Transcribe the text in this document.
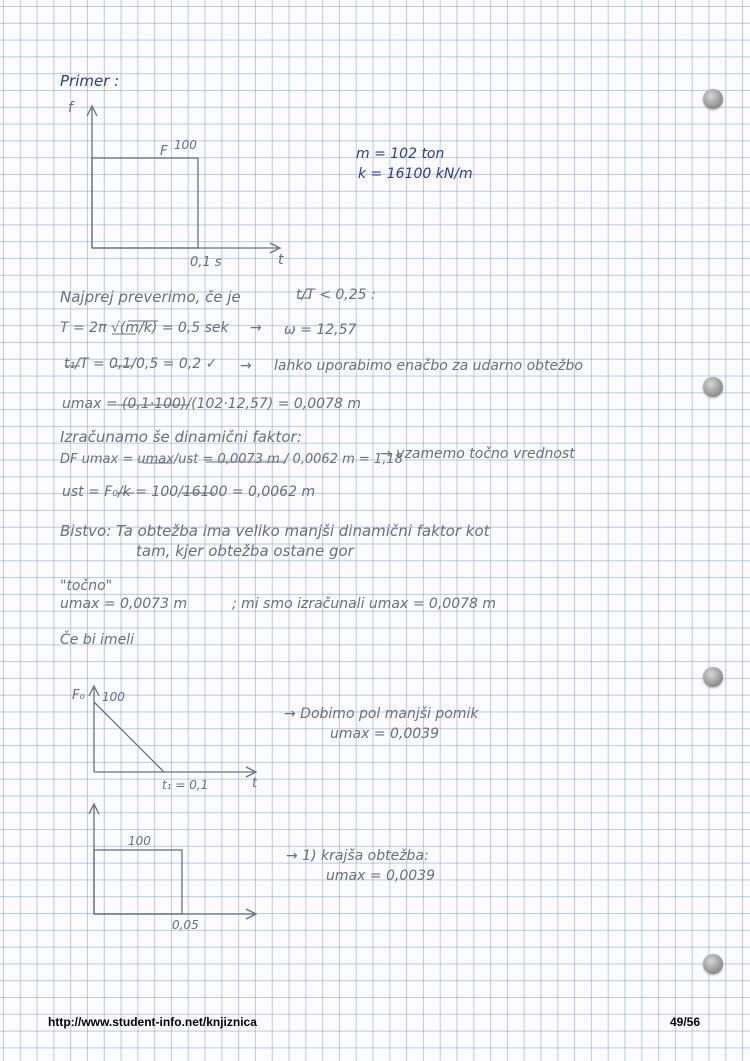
Primer :
f
F 100
0,1 s	t
m = 102 ton
k = 16100 kN/m
Najprej preverimo, če je	t/T < 0,25 :
T = 2π √(m/k) = 0,5 sek → ω = 12,57
t₁/T = 0,1/0,5 = 0,2 ✓ → lahko uporabimo enačbo za udarno obtežbo
umax = (0,1·100)/(102·12,57) = 0,0078 m
Izračunamo še dinamični faktor:
DF umax = umax/ust = 0,0073 m / 0,0062 m = 1,18
→ vzamemo točno vrednost
ust = F₀/k = 100/16100 = 0,0062 m
Bistvo: Ta obtežba ima veliko manjši dinamični faktor kot
tam, kjer obtežba ostane gor
"točno"
umax = 0,0073 m	; mi smo izračunali umax = 0,0078 m
Če bi imeli
F₀ 100
t₁ = 0,1	t
→ Dobimo pol manjši pomik
umax = 0,0039
100
0,05
→ 1) krajša obtežba:
umax = 0,0039
http://www.student-info.net/knjiznica	49/56
